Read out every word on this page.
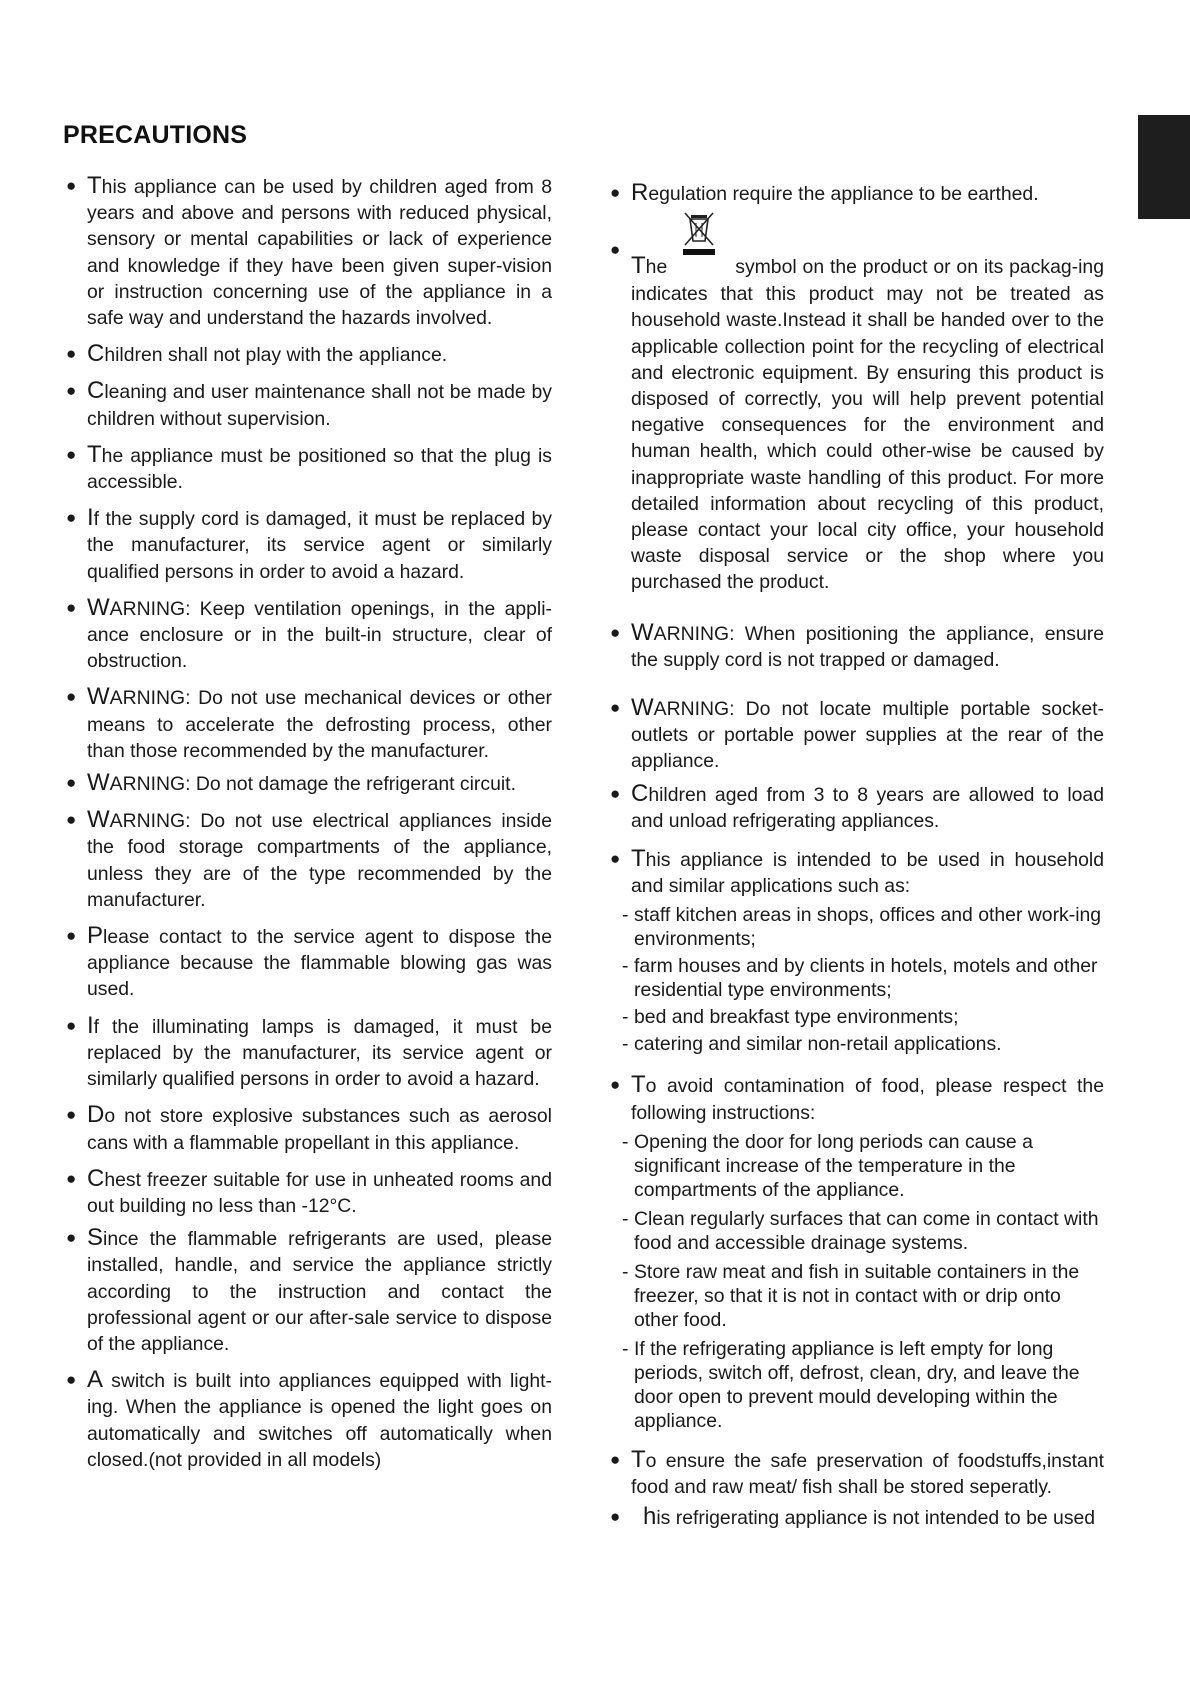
PRECAUTIONS
● This appliance can be used by children aged from 8 years and above and persons with reduced physical, sensory or mental capabilities or lack of experience and knowledge if they have been given super-vision or instruction concerning use of the appliance in a safe way and understand the hazards involved.
● Children shall not play with the appliance.
● Cleaning and user maintenance shall not be made by children without supervision.
● The appliance must be positioned so that the plug is accessible.
● If the supply cord is damaged, it must be replaced by the manufacturer, its service agent or similarly qualified persons in order to avoid a hazard.
● WARNING: Keep ventilation openings, in the appli-ance enclosure or in the built-in structure, clear of obstruction.
● WARNING: Do not use mechanical devices or other means to accelerate the defrosting process, other than those recommended by the manufacturer.
● WARNING: Do not damage the refrigerant circuit.
● WARNING: Do not use electrical appliances inside the food storage compartments of the appliance, unless they are of the type recommended by the manufacturer.
● Please contact to the service agent to dispose the appliance because the flammable blowing gas was used.
● If the illuminating lamps is damaged, it must be replaced by the manufacturer, its service agent or similarly qualified persons in order to avoid a hazard.
● Do not store explosive substances such as aerosol cans with a flammable propellant in this appliance.
● Chest freezer suitable for use in unheated rooms and out building no less than -12°C.
● Since the flammable refrigerants are used, please installed, handle, and service the appliance strictly according to the instruction and contact the professional agent or our after-sale service to dispose of the appliance.
● A switch is built into appliances equipped with light-ing. When the appliance is opened the light goes on automatically and switches off automatically when closed.(not provided in all models)
● Regulation require the appliance to be earthed.
●
The	symbol on the product or on its packag-ing indicates that this product may not be treated as household waste.Instead it shall be handed over to the applicable collection point for the recycling of electrical and electronic equipment. By ensuring this product is disposed of correctly, you will help prevent potential negative consequences for the environment and human health, which could other-wise be caused by inappropriate waste handling of this product. For more detailed information about recycling of this product, please contact your local city office, your household waste disposal service or the shop where you purchased the product.
● WARNING: When positioning the appliance, ensure the supply cord is not trapped or damaged.
● WARNING: Do not locate multiple portable socket-outlets or portable power supplies at the rear of the appliance.
● Children aged from 3 to 8 years are allowed to load and unload refrigerating appliances.
● This appliance is intended to be used in household and similar applications such as:
- staff kitchen areas in shops, offices and other work-ing environments;
- farm houses and by clients in hotels, motels and other residential type environments;
- bed and breakfast type environments;
- catering and similar non-retail applications.
● To avoid contamination of food, please respect the following instructions:
- Opening the door for long periods can cause a significant increase of the temperature in the compartments of the appliance.
- Clean regularly surfaces that can come in contact with food and accessible drainage systems.
- Store raw meat and fish in suitable containers in the freezer, so that it is not in contact with or drip onto other food.
- If the refrigerating appliance is left empty for long periods, switch off, defrost, clean, dry, and leave the door open to prevent mould developing within the appliance.
● To ensure the safe preservation of foodstuffs,instant food and raw meat/ fish shall be stored seperatly.
●	his refrigerating appliance is not intended to be used
